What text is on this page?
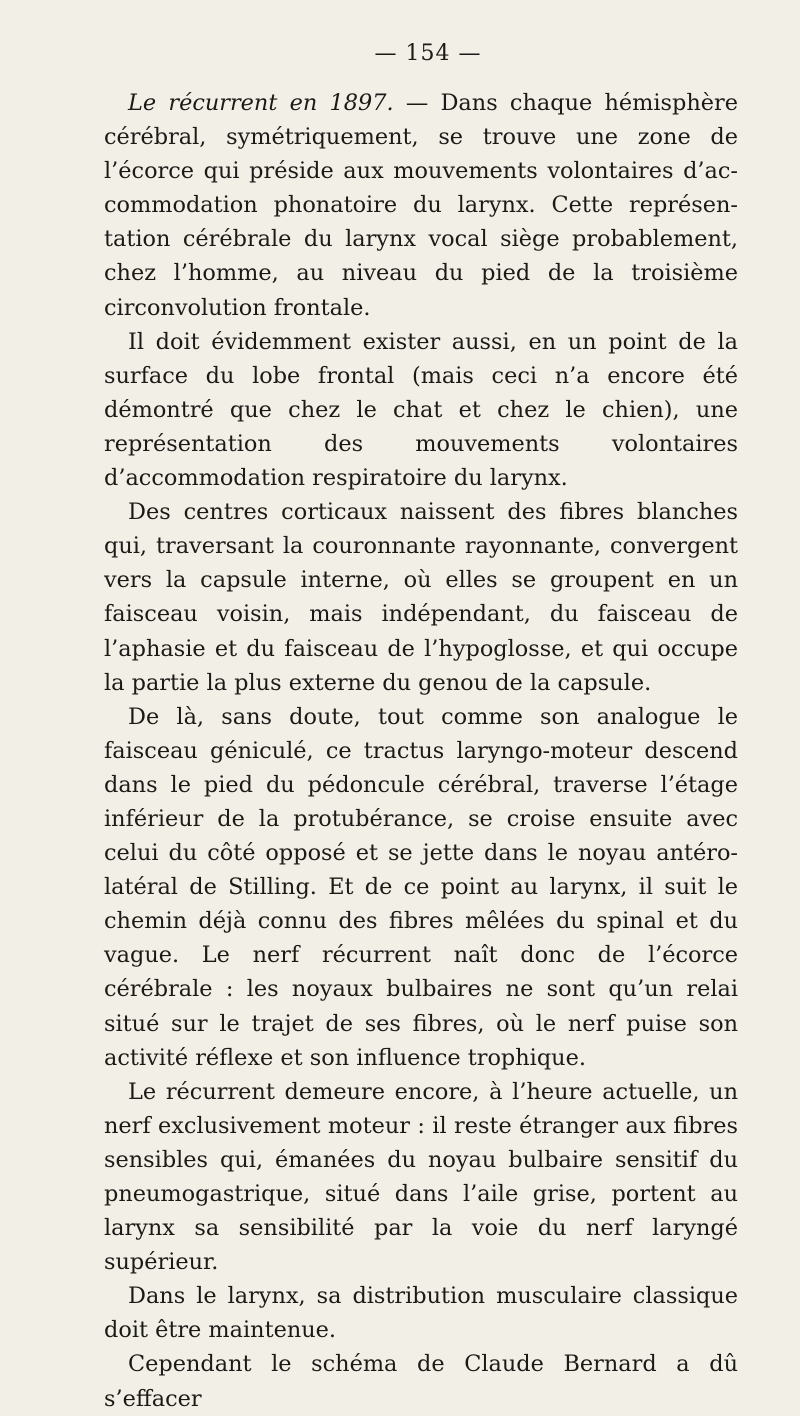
— 154 —

Le récurrent en 1897. — Dans chaque hémisphère cérébral, symétriquement, se trouve une zone de l’écorce qui préside aux mouvements volontaires d’accommodation phonatoire du larynx. Cette représentation cérébrale du larynx vocal siège probablement, chez l’homme, au niveau du pied de la troisième circonvolution frontale.

Il doit évidemment exister aussi, en un point de la surface du lobe frontal (mais ceci n’a encore été démontré que chez le chat et chez le chien), une représentation des mouvements volontaires d’accommodation respiratoire du larynx.

Des centres corticaux naissent des fibres blanches qui, traversant la couronnante rayonnante, convergent vers la capsule interne, où elles se groupent en un faisceau voisin, mais indépendant, du faisceau de l’aphasie et du faisceau de l’hypoglosse, et qui occupe la partie la plus externe du genou de la capsule.

De là, sans doute, tout comme son analogue le faisceau géniculé, ce tractus laryngo-moteur descend dans le pied du pédoncule cérébral, traverse l’étage inférieur de la protubérance, se croise ensuite avec celui du côté opposé et se jette dans le noyau antéro-latéral de Stilling. Et de ce point au larynx, il suit le chemin déjà connu des fibres mêlées du spinal et du vague. Le nerf récurrent naît donc de l’écorce cérébrale : les noyaux bulbaires ne sont qu’un relai situé sur le trajet de ses fibres, où le nerf puise son activité réflexe et son influence trophique.

Le récurrent demeure encore, à l’heure actuelle, un nerf exclusivement moteur : il reste étranger aux fibres sensibles qui, émanées du noyau bulbaire sensitif du pneumogastrique, situé dans l’aile grise, portent au larynx sa sensibilité par la voie du nerf laryngé supérieur.

Dans le larynx, sa distribution musculaire classique doit être maintenue.

Cependant le schéma de Claude Bernard a dû s’effacer
